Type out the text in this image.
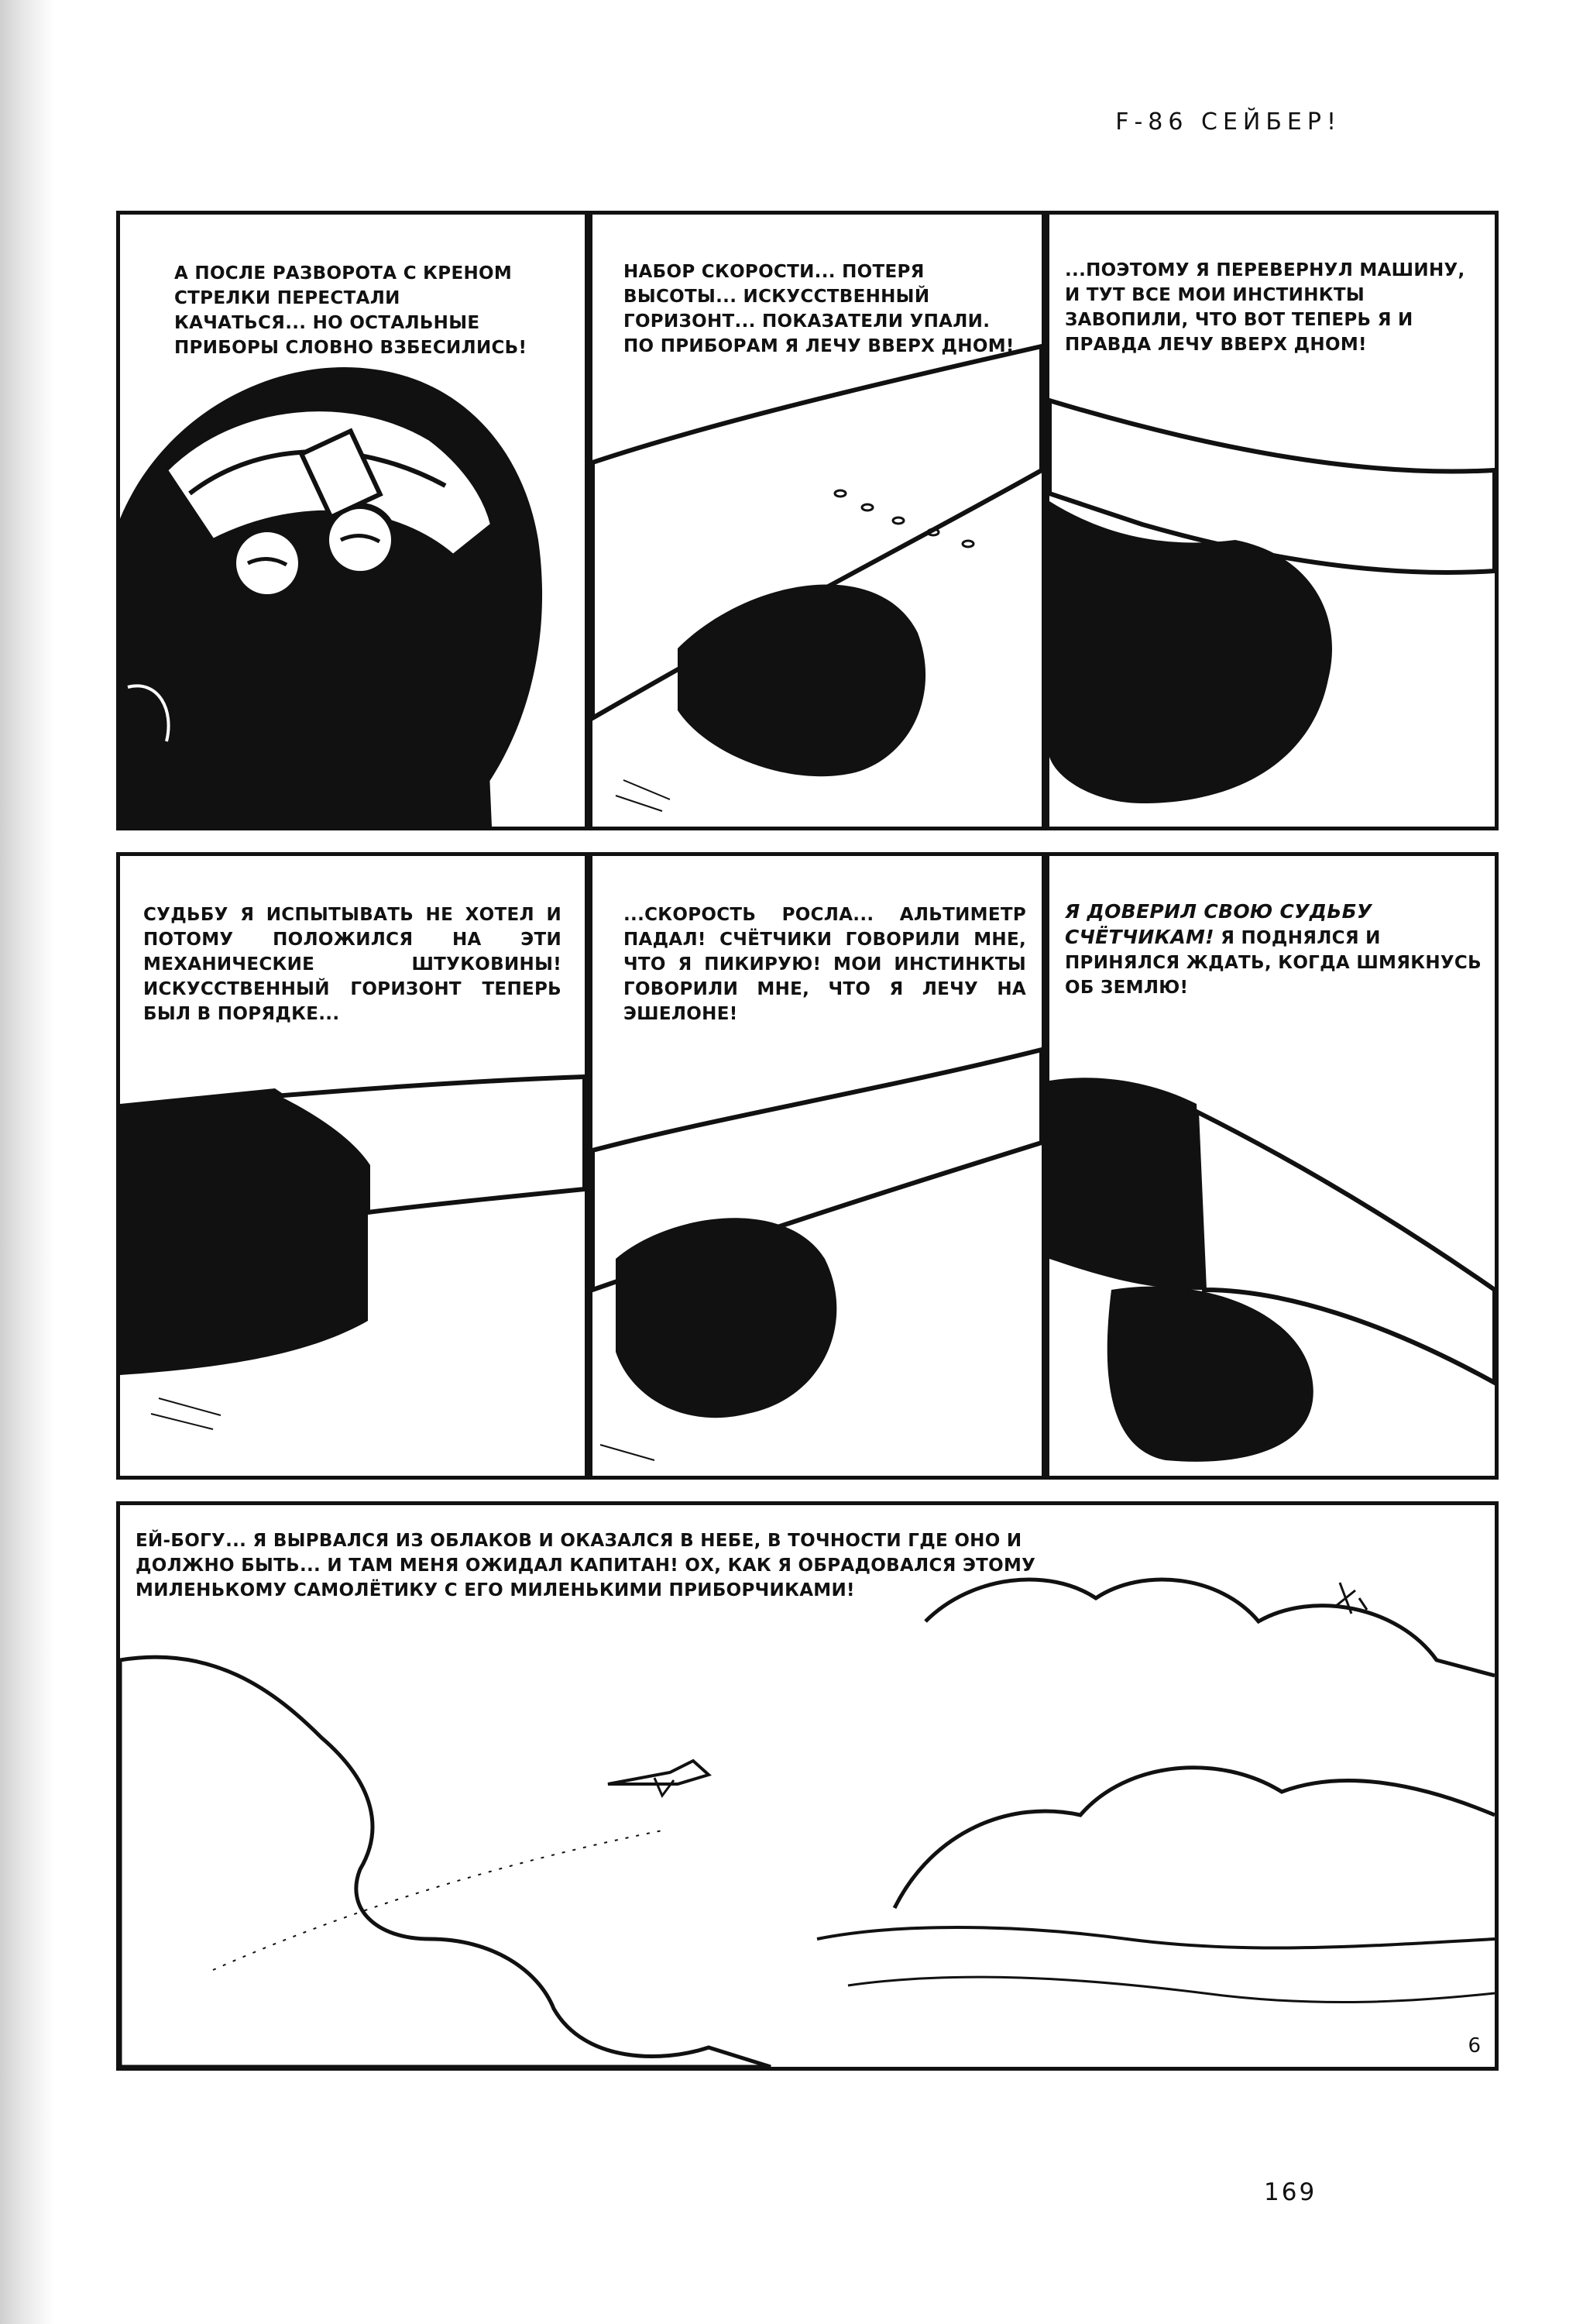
F-86 СЕЙБЕР!
А ПОСЛЕ РАЗВОРОТА С КРЕНОМ СТРЕЛКИ ПЕРЕСТАЛИ КАЧАТЬСЯ... НО ОСТАЛЬНЫЕ ПРИБОРЫ СЛОВНО ВЗБЕСИЛИСЬ!
НАБОР СКОРОСТИ... ПОТЕРЯ ВЫСОТЫ... ИСКУССТВЕННЫЙ ГОРИЗОНТ... ПОКАЗАТЕЛИ УПАЛИ. ПО ПРИБОРАМ Я ЛЕЧУ ВВЕРХ ДНОМ!
...ПОЭТОМУ Я ПЕРЕВЕРНУЛ МАШИНУ, И ТУТ ВСЕ МОИ ИНСТИНКТЫ ЗАВОПИЛИ, ЧТО ВОТ ТЕПЕРЬ Я И ПРАВДА ЛЕЧУ ВВЕРХ ДНОМ!
СУДЬБУ Я ИСПЫТЫВАТЬ НЕ ХОТЕЛ И ПОТОМУ ПОЛОЖИЛСЯ НА ЭТИ МЕХАНИЧЕСКИЕ ШТУКОВИНЫ! ИСКУССТВЕННЫЙ ГОРИЗОНТ ТЕПЕРЬ БЫЛ В ПОРЯДКЕ...
...СКОРОСТЬ РОСЛА... АЛЬТИМЕТР ПАДАЛ! СЧЁТЧИКИ ГОВОРИЛИ МНЕ, ЧТО Я ПИКИРУЮ! МОИ ИНСТИНКТЫ ГОВОРИЛИ МНЕ, ЧТО Я ЛЕЧУ НА ЭШЕЛОНЕ!
Я ДОВЕРИЛ СВОЮ СУДЬБУ СЧЁТЧИКАМ! Я ПОДНЯЛСЯ И ПРИНЯЛСЯ ЖДАТЬ, КОГДА ШМЯКНУСЬ ОБ ЗЕМЛЮ!
ЕЙ-БОГУ... Я ВЫРВАЛСЯ ИЗ ОБЛАКОВ И ОКАЗАЛСЯ В НЕБЕ, В ТОЧНОСТИ ГДЕ ОНО И ДОЛЖНО БЫТЬ... И ТАМ МЕНЯ ОЖИДАЛ КАПИТАН! ОХ, КАК Я ОБРАДОВАЛСЯ ЭТОМУ МИЛЕНЬКОМУ САМОЛЁТИКУ С ЕГО МИЛЕНЬКИМИ ПРИБОРЧИКАМИ!
6
169
